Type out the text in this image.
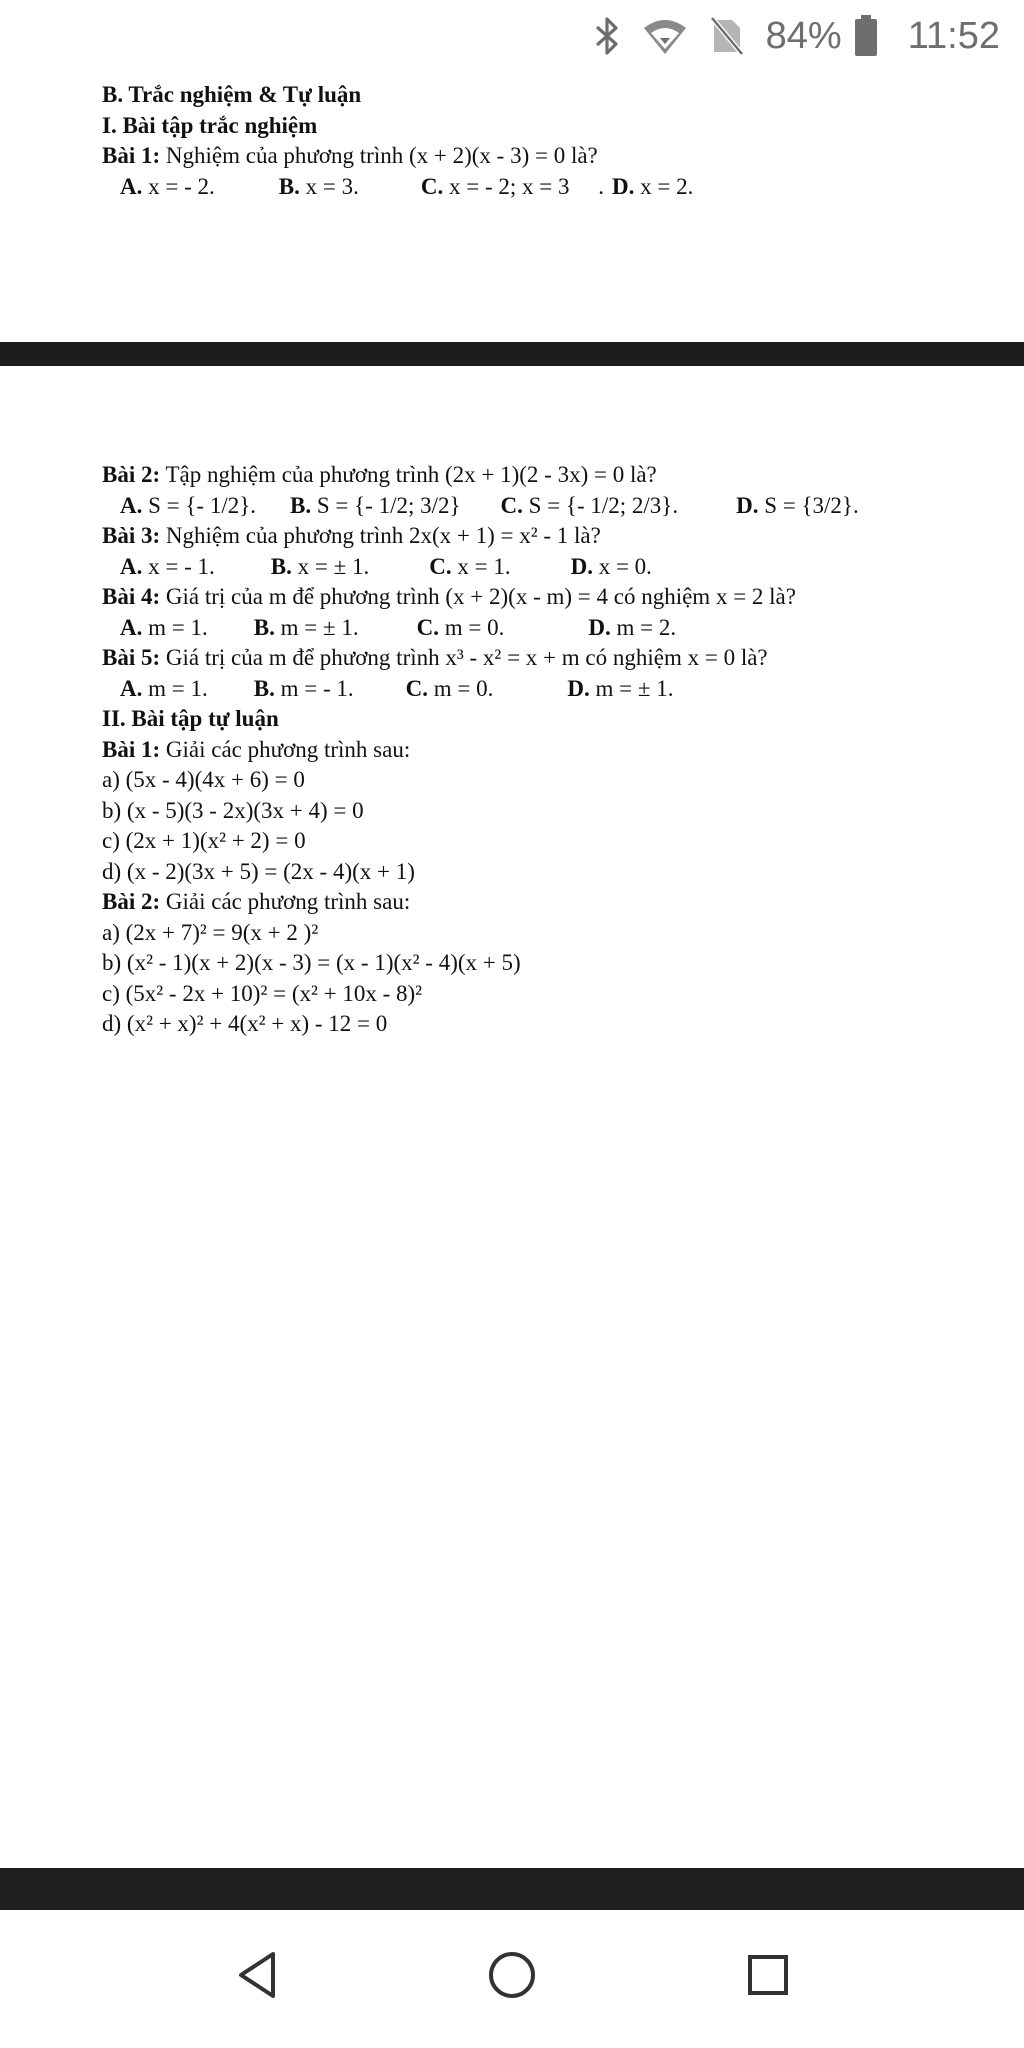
84% 11:52
B. Trắc nghiệm & Tự luận
I. Bài tập trắc nghiệm
Bài 1: Nghiệm của phương trình (x + 2)(x - 3) = 0 là?
A. x = - 2.	B. x = 3.	C. x = - 2; x = 3     . D. x = 2.
Bài 2: Tập nghiệm của phương trình (2x + 1)(2 - 3x) = 0 là?
A. S = {- 1/2}. B. S = {- 1/2; 3/2} C. S = {- 1/2; 2/3}.	D. S = {3/2}.
Bài 3: Nghiệm của phương trình 2x(x + 1) = x² - 1 là?
A. x = - 1. B. x = ± 1.	C. x = 1.	D. x = 0.
Bài 4: Giá trị của m để phương trình (x + 2)(x - m) = 4 có nghiệm x = 2 là?
A. m = 1. B. m = ± 1.	C. m = 0.	D. m = 2.
Bài 5: Giá trị của m để phương trình x³ - x² = x + m có nghiệm x = 0 là?
A. m = 1. B. m = - 1. C. m = 0.	D. m = ± 1.
II. Bài tập tự luận
Bài 1: Giải các phương trình sau:
a) (5x - 4)(4x + 6) = 0
b) (x - 5)(3 - 2x)(3x + 4) = 0
c) (2x + 1)(x² + 2) = 0
d) (x - 2)(3x + 5) = (2x - 4)(x + 1)
Bài 2: Giải các phương trình sau:
a) (2x + 7)² = 9(x + 2 )²
b) (x² - 1)(x + 2)(x - 3) = (x - 1)(x² - 4)(x + 5)
c) (5x² - 2x + 10)² = (x² + 10x - 8)²
d) (x² + x)² + 4(x² + x) - 12 = 0
